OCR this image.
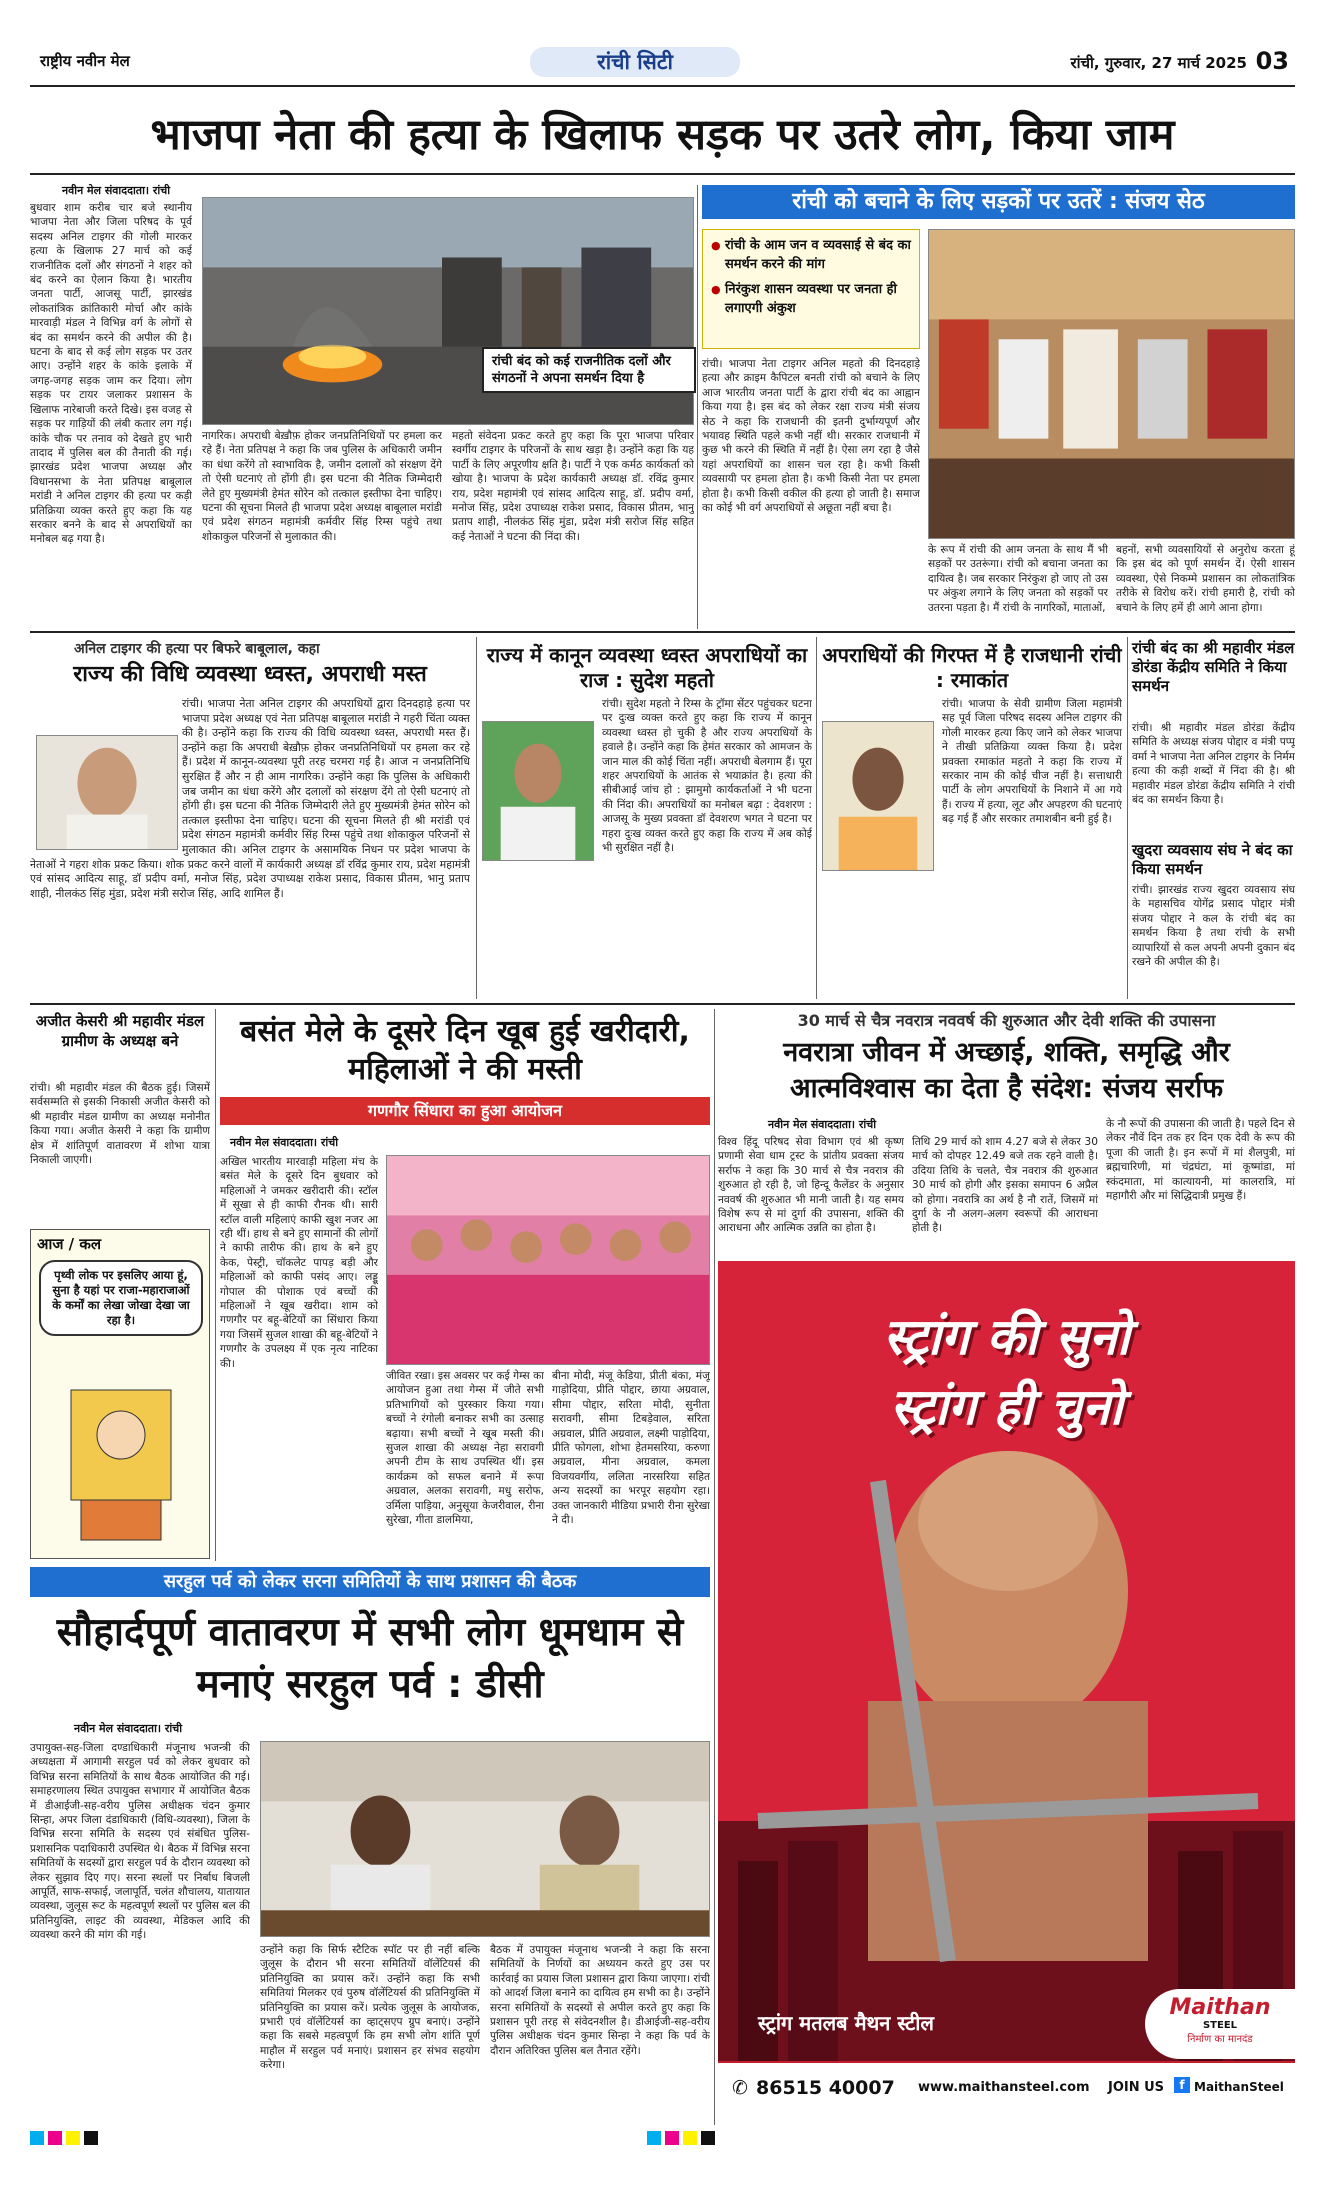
राष्ट्रीय नवीन मेल	रांची सिटी	रांची, गुरुवार, 27 मार्च 2025 03
भाजपा नेता की हत्या के खिलाफ सड़क पर उतरे लोग, किया जाम
नवीन मेल संवाददाता। रांची
बुधवार शाम करीब चार बजे स्थानीय भाजपा नेता और जिला परिषद के पूर्व सदस्य अनिल टाइगर की गोली मारकर हत्या के खिलाफ 27 मार्च को कई राजनीतिक दलों और संगठनों ने शहर को बंद करने का ऐलान किया है। भारतीय जनता पार्टी, आजसू पार्टी, झारखंड लोकतांत्रिक क्रांतिकारी मोर्चा और कांके मारवाड़ी मंडल ने विभिन्न वर्ग के लोगों से बंद का समर्थन करने की अपील की है। घटना के बाद से कई लोग सड़क पर उतर आए। उन्होंने शहर के कांके इलाके में जगह-जगह सड़क जाम कर दिया। लोग सड़क पर टायर जलाकर प्रशासन के खिलाफ नारेबाजी करते दिखे। इस वजह से सड़क पर गाड़ियों की लंबी कतार लग गई। कांके चौक पर तनाव को देखते हुए भारी तादाद में पुलिस बल की तैनाती की गई। झारखंड प्रदेश भाजपा अध्यक्ष और विधानसभा के नेता प्रतिपक्ष बाबूलाल मरांडी ने अनिल टाइगर की हत्या पर कड़ी प्रतिक्रिया व्यक्त करते हुए कहा कि यह सरकार बनने के बाद से अपराधियों का मनोबल बढ़ गया है।
रांची बंद को कई राजनीतिक दलों और संगठनों ने अपना समर्थन दिया है
नागरिक। अपराधी बेख़ौफ़ होकर जनप्रतिनिधियों पर हमला कर रहे हैं। नेता प्रतिपक्ष ने कहा कि जब पुलिस के अधिकारी जमीन का धंधा करेंगे तो स्वाभाविक है, जमीन दलालों को संरक्षण देंगे तो ऐसी घटनाएं तो होंगी ही। इस घटना की नैतिक जिम्मेदारी लेते हुए मुख्यमंत्री हेमंत सोरेन को तत्काल इस्तीफा देना चाहिए। घटना की सूचना मिलते ही भाजपा प्रदेश अध्यक्ष बाबूलाल मरांडी एवं प्रदेश संगठन महामंत्री कर्मवीर सिंह रिम्स पहुंचे तथा शोकाकुल परिजनों से मुलाकात की।
महतो संवेदना प्रकट करते हुए कहा कि पूरा भाजपा परिवार स्वर्गीय टाइगर के परिजनों के साथ खड़ा है। उन्होंने कहा कि यह पार्टी के लिए अपूरणीय क्षति है। पार्टी ने एक कर्मठ कार्यकर्ता को खोया है। भाजपा के प्रदेश कार्यकारी अध्यक्ष डॉ. रविंद्र कुमार राय, प्रदेश महामंत्री एवं सांसद आदित्य साहू, डॉ. प्रदीप वर्मा, मनोज सिंह, प्रदेश उपाध्यक्ष राकेश प्रसाद, विकास प्रीतम, भानु प्रताप शाही, नीलकंठ सिंह मुंडा, प्रदेश मंत्री सरोज सिंह सहित कई नेताओं ने घटना की निंदा की।
रांची को बचाने के लिए सड़कों पर उतरें : संजय सेठ
● रांची के आम जन व व्यवसाई से बंद का समर्थन करने की मांग
● निरंकुश शासन व्यवस्था पर जनता ही लगाएगी अंकुश
रांची। भाजपा नेता टाइगर अनिल महतो की दिनदहाड़े हत्या और क्राइम कैपिटल बनती रांची को बचाने के लिए आज भारतीय जनता पार्टी के द्वारा रांची बंद का आह्वान किया गया है। इस बंद को लेकर रक्षा राज्य मंत्री संजय सेठ ने कहा कि राजधानी की इतनी दुर्भाग्यपूर्ण और भयावह स्थिति पहले कभी नहीं थी। सरकार राजधानी में कुछ भी करने की स्थिति में नहीं है। ऐसा लग रहा है जैसे यहां अपराधियों का शासन चल रहा है। कभी किसी व्यवसायी पर हमला होता है। कभी किसी नेता पर हमला होता है। कभी किसी वकील की हत्या हो जाती है। समाज का कोई भी वर्ग अपराधियों से अछूता नहीं बचा है।
के रूप में रांची की आम जनता के साथ मैं भी सड़कों पर उतरूंगा। रांची को बचाना जनता का दायित्व है। जब सरकार निरंकुश हो जाए तो उस पर अंकुश लगाने के लिए जनता को सड़कों पर उतरना पड़ता है। मैं रांची के नागरिकों, माताओं,
बहनों, सभी व्यवसायियों से अनुरोध करता हूं कि इस बंद को पूर्ण समर्थन दें। ऐसी शासन व्यवस्था, ऐसे निकम्मे प्रशासन का लोकतांत्रिक तरीके से विरोध करें। रांची हमारी है, रांची को बचाने के लिए हमें ही आगे आना होगा।
अनिल टाइगर की हत्या पर बिफरे बाबूलाल, कहा
राज्य की विधि व्यवस्था ध्वस्त, अपराधी मस्त
रांची। भाजपा नेता अनिल टाइगर की अपराधियों द्वारा दिनदहाड़े हत्या पर भाजपा प्रदेश अध्यक्ष एवं नेता प्रतिपक्ष बाबूलाल मरांडी ने गहरी चिंता व्यक्त की है। उन्होंने कहा कि राज्य की विधि व्यवस्था ध्वस्त, अपराधी मस्त हैं। उन्होंने कहा कि अपराधी बेख़ौफ़ होकर जनप्रतिनिधियों पर हमला कर रहे हैं। प्रदेश में कानून-व्यवस्था पूरी तरह चरमरा गई है। आज न जनप्रतिनिधि सुरक्षित हैं और न ही आम नागरिक। उन्होंने कहा कि पुलिस के अधिकारी जब जमीन का धंधा करेंगे और दलालों को संरक्षण देंगे तो ऐसी घटनाएं तो होंगी ही। इस घटना की नैतिक जिम्मेदारी लेते हुए मुख्यमंत्री हेमंत सोरेन को तत्काल इस्तीफा देना चाहिए। घटना की सूचना मिलते ही श्री मरांडी एवं प्रदेश संगठन महामंत्री कर्मवीर सिंह रिम्स पहुंचे तथा शोकाकुल परिजनों से मुलाकात की। अनिल टाइगर के असामयिक निधन पर प्रदेश भाजपा के नेताओं ने गहरा शोक प्रकट किया। शोक प्रकट करने वालों में कार्यकारी अध्यक्ष डॉ रविंद्र कुमार राय, प्रदेश महामंत्री एवं सांसद आदित्य साहू, डॉ प्रदीप वर्मा, मनोज सिंह, प्रदेश उपाध्यक्ष राकेश प्रसाद, विकास प्रीतम, भानु प्रताप शाही, नीलकंठ सिंह मुंडा, प्रदेश मंत्री सरोज सिंह, आदि शामिल हैं।
राज्य में कानून व्यवस्था ध्वस्त अपराधियों का राज : सुदेश महतो
रांची। सुदेश महतो ने रिम्स के ट्रॉमा सेंटर पहुंचकर घटना पर दुःख व्यक्त करते हुए कहा कि राज्य में कानून व्यवस्था ध्वस्त हो चुकी है और राज्य अपराधियों के हवाले है। उन्होंने कहा कि हेमंत सरकार को आमजन के जान माल की कोई चिंता नहीं। अपराधी बेलगाम हैं। पूरा शहर अपराधियों के आतंक से भयाक्रांत है। हत्या की सीबीआई जांच हो : झामुमो कार्यकर्ताओं ने भी घटना की निंदा की। अपराधियों का मनोबल बढ़ा : देवशरण : आजसू के मुख्य प्रवक्ता डॉ देवशरण भगत ने घटना पर गहरा दुःख व्यक्त करते हुए कहा कि राज्य में अब कोई भी सुरक्षित नहीं है।
अपराधियों की गिरफ्त में है राजधानी रांची : रमाकांत
रांची। भाजपा के सेवी ग्रामीण जिला महामंत्री सह पूर्व जिला परिषद सदस्य अनिल टाइगर की गोली मारकर हत्या किए जाने को लेकर भाजपा ने तीखी प्रतिक्रिया व्यक्त किया है। प्रदेश प्रवक्ता रमाकांत महतो ने कहा कि राज्य में सरकार नाम की कोई चीज नहीं है। सत्ताधारी पार्टी के लोग अपराधियों के निशाने में आ गये हैं। राज्य में हत्या, लूट और अपहरण की घटनाएं बढ़ गई हैं और सरकार तमाशबीन बनी हुई है।
रांची बंद का श्री महावीर मंडल डोरंडा केंद्रीय समिति ने किया समर्थन
रांची। श्री महावीर मंडल डोरंडा केंद्रीय समिति के अध्यक्ष संजय पोद्दार व मंत्री पप्पू वर्मा ने भाजपा नेता अनिल टाइगर के निर्मम हत्या की कड़ी शब्दों में निंदा की है। श्री महावीर मंडल डोरंडा केंद्रीय समिति ने रांची बंद का समर्थन किया है।
खुदरा व्यवसाय संघ ने बंद का किया समर्थन
रांची। झारखंड राज्य खुदरा व्यवसाय संघ के महासचिव योगेंद्र प्रसाद पोद्दार मंत्री संजय पोद्दार ने कल के रांची बंद का समर्थन किया है तथा रांची के सभी व्यापारियों से कल अपनी अपनी दुकान बंद रखने की अपील की है।
अजीत केसरी श्री महावीर मंडल ग्रामीण के अध्यक्ष बने
रांची। श्री महावीर मंडल की बैठक हुई। जिसमें सर्वसम्मति से इसकी निकासी अजीत केसरी को श्री महावीर मंडल ग्रामीण का अध्यक्ष मनोनीत किया गया। अजीत केसरी ने कहा कि ग्रामीण क्षेत्र में शांतिपूर्ण वातावरण में शोभा यात्रा निकाली जाएगी।
आज / कल
पृथ्वी लोक पर इसलिए आया हूं, सुना है यहां पर राजा-महाराजाओं के कर्मों का लेखा जोखा देखा जा रहा है।
बसंत मेले के दूसरे दिन खूब हुई खरीदारी, महिलाओं ने की मस्ती
गणगौर सिंधारा का हुआ आयोजन
नवीन मेल संवाददाता। रांची
अखिल भारतीय मारवाड़ी महिला मंच के बसंत मेले के दूसरे दिन बुधवार को महिलाओं ने जमकर खरीदारी की। स्टॉल में सूखा से ही काफी रौनक थी। सारी स्टॉल वाली महिलाएं काफी खुश नजर आ रही थीं। हाथ से बने हुए सामानों की लोगों ने काफी तारीफ की। हाथ के बने हुए केक, पेस्ट्री, चॉकलेट पापड़ बड़ी और महिलाओं को काफी पसंद आए। लड्डू गोपाल की पोशाक एवं बच्चों की महिलाओं ने खूब खरीदा। शाम को गणगौर पर बहू-बेटियों का सिंधारा किया गया जिसमें सुजल शाखा की बहू-बेटियों ने गणगौर के उपलक्ष्य में एक नृत्य नाटिका की।
जीवित रखा। इस अवसर पर कई गेम्स का आयोजन हुआ तथा गेम्स में जीते सभी प्रतिभागियों को पुरस्कार किया गया। बच्चों ने रंगोली बनाकर सभी का उत्साह बढ़ाया। सभी बच्चों ने खूब मस्ती की। सुजल शाखा की अध्यक्ष नेहा सरावगी अपनी टीम के साथ उपस्थित थीं। इस कार्यक्रम को सफल बनाने में रूपा अग्रवाल, अलका सरावगी, मधु सरोफ, उर्मिला पाड़िया, अनुसूया केजरीवाल, रीना सुरेखा, गीता डालमिया,
बीना मोदी, मंजू केडिया, प्रीती बंका, मंजू गाड़ोदिया, प्रीति पोद्दार, छाया अग्रवाल, सीमा पोद्दार, सरिता मोदी, सुनीता सरावगी, सीमा टिबड़ेवाल, सरिता अग्रवाल, प्रीति अग्रवाल, लक्ष्मी पाड़ोदिया, प्रीति फोगला, शोभा हेतमसरिया, करुणा अग्रवाल, मीना अग्रवाल, कमला विजयवर्गीय, ललिता नारसरिया सहित अन्य सदस्यों का भरपूर सहयोग रहा। उक्त जानकारी मीडिया प्रभारी रीना सुरेखा ने दी।
30 मार्च से चैत्र नवरात्र नववर्ष की शुरुआत और देवी शक्ति की उपासना
नवरात्रा जीवन में अच्छाई, शक्ति, समृद्धि और आत्मविश्वास का देता है संदेश: संजय सर्राफ
नवीन मेल संवाददाता। रांची
विश्व हिंदू परिषद सेवा विभाग एवं श्री कृष्ण प्रणामी सेवा धाम ट्रस्ट के प्रांतीय प्रवक्ता संजय सर्राफ ने कहा कि 30 मार्च से चैत्र नवरात्र की शुरुआत हो रही है, जो हिन्दू कैलेंडर के अनुसार नववर्ष की शुरुआत भी मानी जाती है। यह समय विशेष रूप से मां दुर्गा की उपासना, शक्ति की आराधना और आत्मिक उन्नति का होता है।
तिथि 29 मार्च को शाम 4.27 बजे से लेकर 30 मार्च को दोपहर 12.49 बजे तक रहने वाली है। उदिया तिथि के चलते, चैत्र नवरात्र की शुरुआत 30 मार्च को होगी और इसका समापन 6 अप्रैल को होगा। नवरात्रि का अर्थ है नौ रातें, जिसमें मां दुर्गा के नौ अलग-अलग स्वरूपों की आराधना होती है।
के नौ रूपों की उपासना की जाती है। पहले दिन से लेकर नौवें दिन तक हर दिन एक देवी के रूप की पूजा की जाती है। इन रूपों में मां शैलपुत्री, मां ब्रह्मचारिणी, मां चंद्रघंटा, मां कूष्मांडा, मां स्कंदमाता, मां कात्यायनी, मां कालरात्रि, मां महागौरी और मां सिद्धिदात्री प्रमुख हैं।
स्ट्रांग की सुनो
स्ट्रांग ही चुनो
स्ट्रांग मतलब मैथन स्टील
Maithan
STEEL
निर्माण का मानदंड
✆ 86515 40007 www.maithansteel.com JOIN US	f MaithanSteel
सरहुल पर्व को लेकर सरना समितियों के साथ प्रशासन की बैठक
सौहार्दपूर्ण वातावरण में सभी लोग धूमधाम से मनाएं सरहुल पर्व : डीसी
नवीन मेल संवाददाता। रांची
उपायुक्त-सह-जिला दण्डाधिकारी मंजूनाथ भजन्त्री की अध्यक्षता में आगामी सरहुल पर्व को लेकर बुधवार को विभिन्न सरना समितियों के साथ बैठक आयोजित की गई। समाहरणालय स्थित उपायुक्त सभागार में आयोजित बैठक में डीआईजी-सह-वरीय पुलिस अधीक्षक चंदन कुमार सिन्हा, अपर जिला दंडाधिकारी (विधि-व्यवस्था), जिला के विभिन्न सरना समिति के सदस्य एवं संबंधित पुलिस-प्रशासनिक पदाधिकारी उपस्थित थे। बैठक में विभिन्न सरना समितियों के सदस्यों द्वारा सरहुल पर्व के दौरान व्यवस्था को लेकर सुझाव दिए गए। सरना स्थलों पर निर्बाध बिजली आपूर्ति, साफ-सफाई, जलापूर्ति, चलंत शौचालय, यातायात व्यवस्था, जुलूस रूट के महत्वपूर्ण स्थलों पर पुलिस बल की प्रतिनियुक्ति, लाइट की व्यवस्था, मेडिकल आदि की व्यवस्था करने की मांग की गई।
उन्होंने कहा कि सिर्फ स्टैटिक स्पॉट पर ही नहीं बल्कि जुलूस के दौरान भी सरना समितियों वॉलेंटियर्स की प्रतिनियुक्ति का प्रयास करें। उन्होंने कहा कि सभी समितियां मिलकर एवं पुरुष वॉलेंटियर्स की प्रतिनियुक्ति में प्रतिनियुक्ति का प्रयास करें। प्रत्येक जुलूस के आयोजक, प्रभारी एवं वॉलेंटियर्स का व्हाट्सएप ग्रुप बनाएं। उन्होंने कहा कि सबसे महत्वपूर्ण कि हम सभी लोग शांति पूर्ण माहौल में सरहुल पर्व मनाएं। प्रशासन हर संभव सहयोग करेगा।
बैठक में उपायुक्त मंजूनाथ भजन्त्री ने कहा कि सरना समितियों के निर्णयों का अध्ययन करते हुए उस पर कार्रवाई का प्रयास जिला प्रशासन द्वारा किया जाएगा। रांची को आदर्श जिला बनाने का दायित्व हम सभी का है। उन्होंने सरना समितियों के सदस्यों से अपील करते हुए कहा कि प्रशासन पूरी तरह से संवेदनशील है। डीआईजी-सह-वरीय पुलिस अधीक्षक चंदन कुमार सिन्हा ने कहा कि पर्व के दौरान अतिरिक्त पुलिस बल तैनात रहेंगे।
